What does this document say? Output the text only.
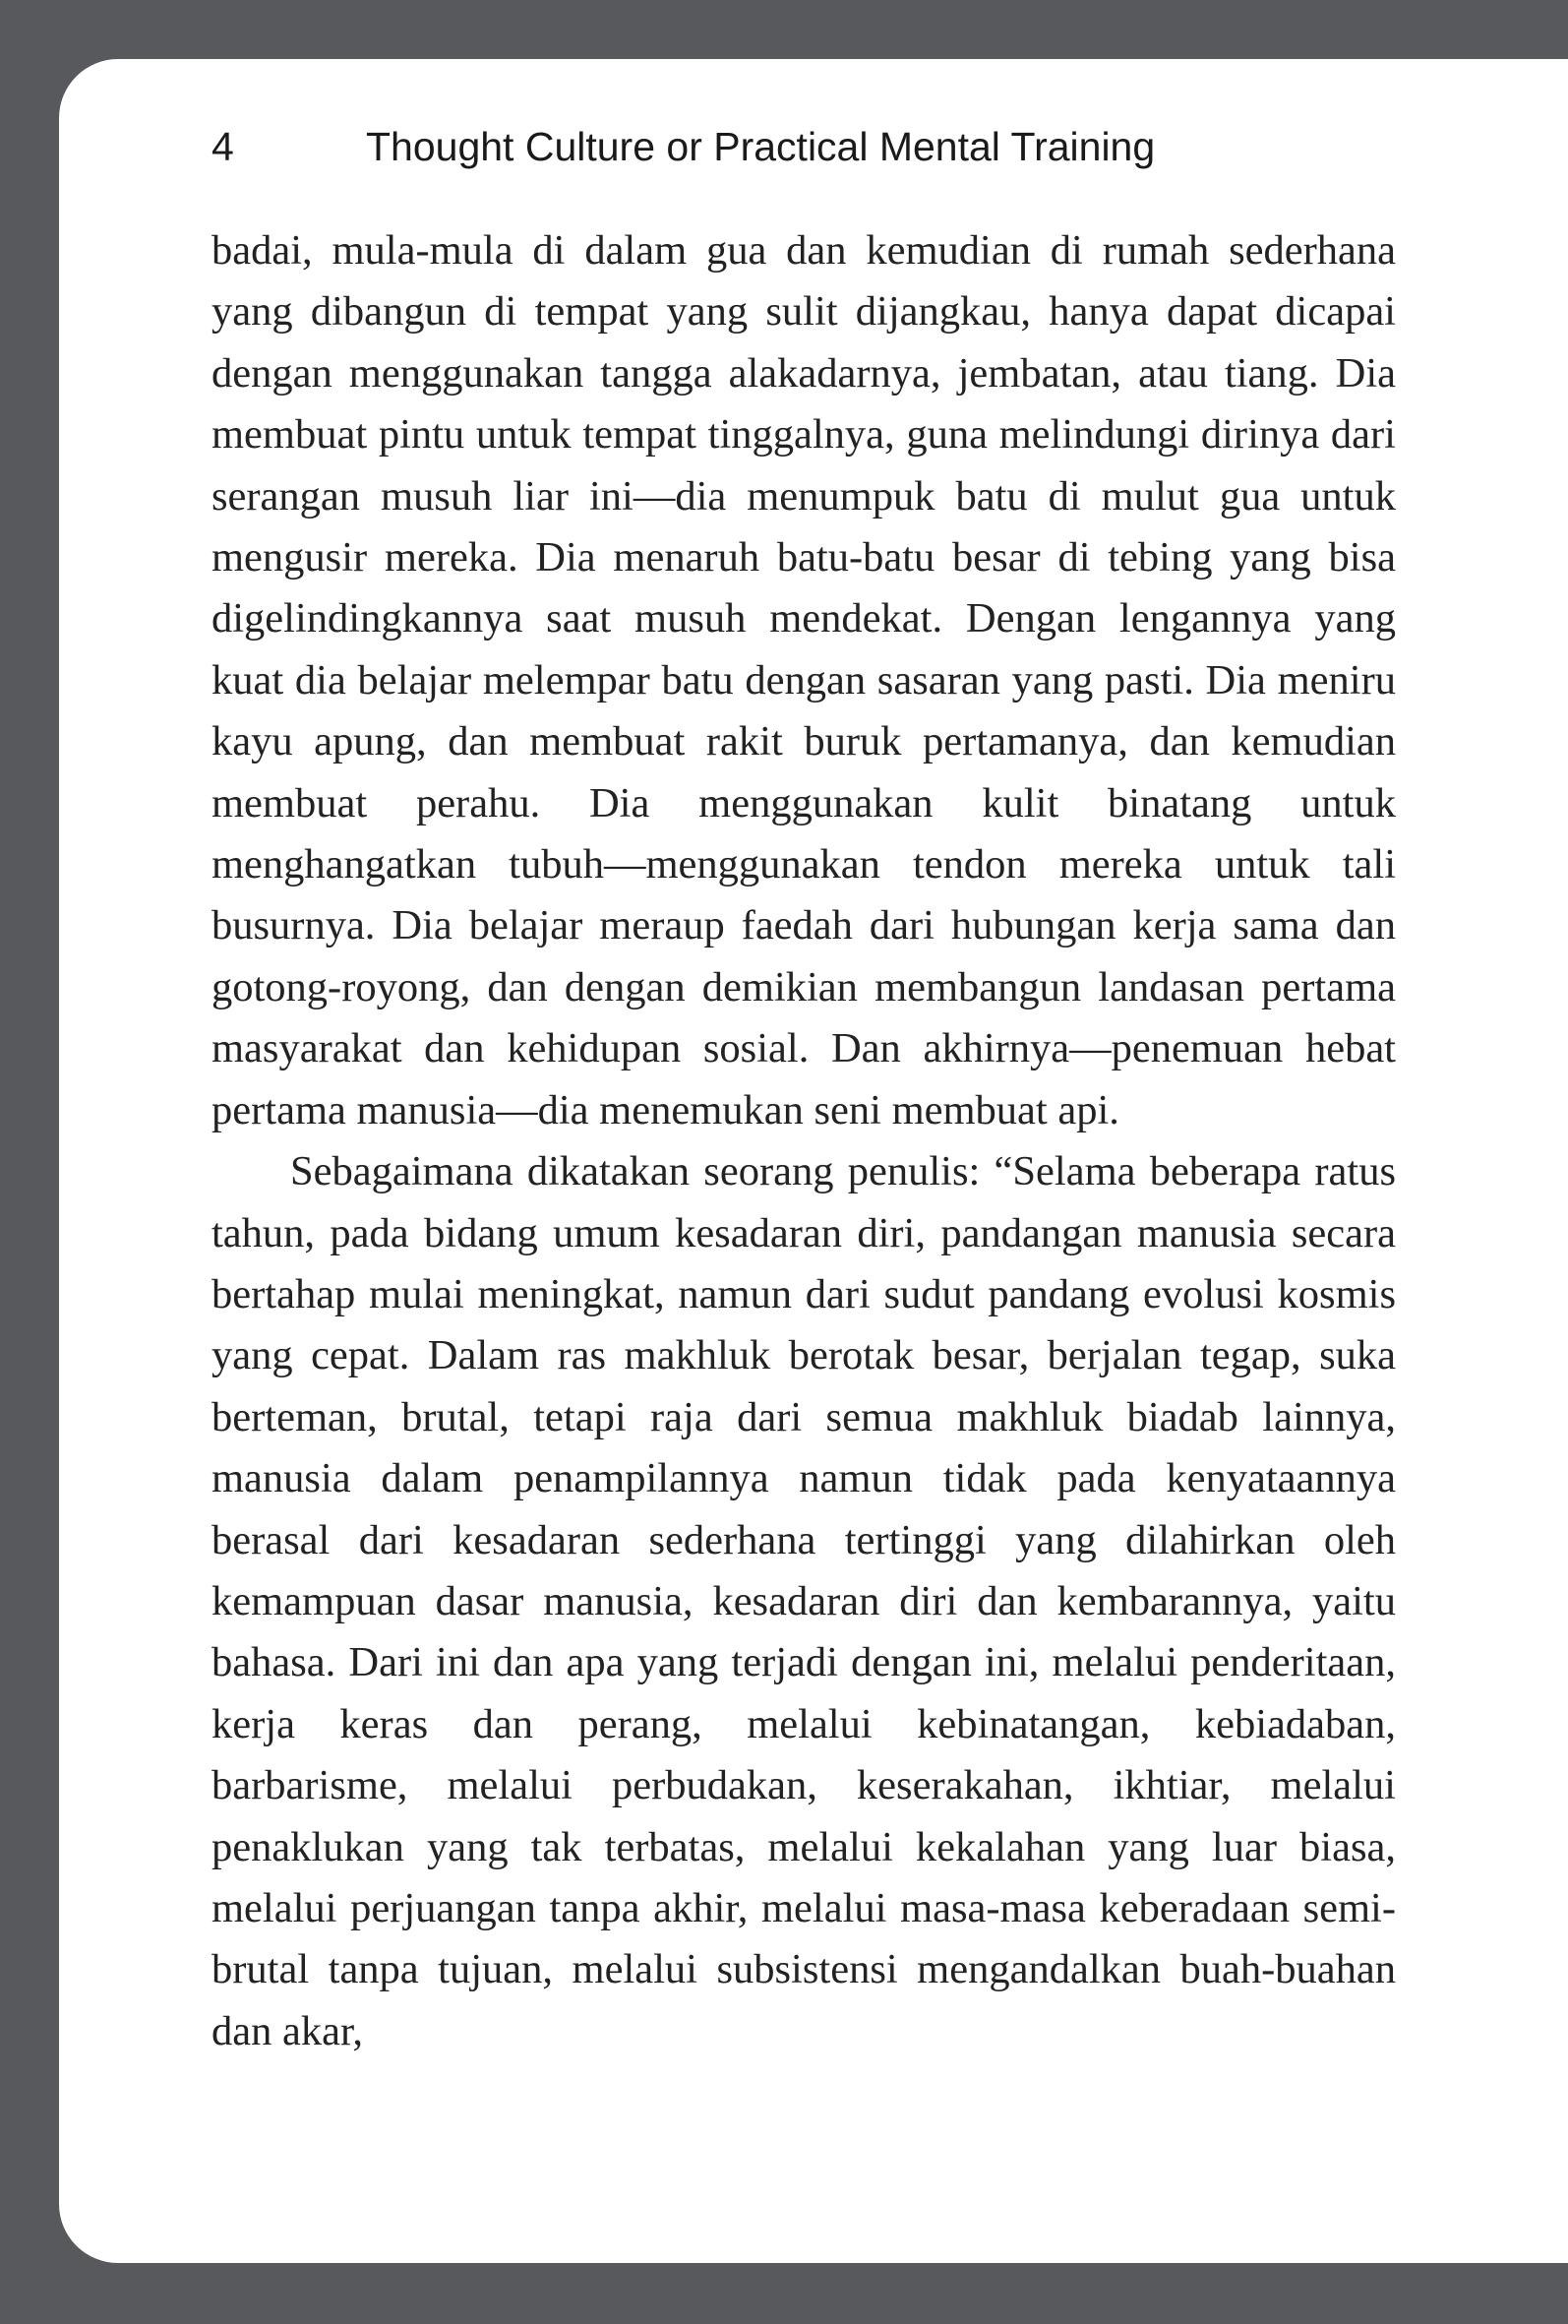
4	Thought Culture or Practical Mental Training

badai, mula-mula di dalam gua dan kemudian di rumah sederhana yang dibangun di tempat yang sulit dijangkau, hanya dapat dicapai dengan menggunakan tangga alakadarnya, jembatan, atau tiang. Dia membuat pintu untuk tempat tinggalnya, guna melindungi dirinya dari serangan musuh liar ini—dia menumpuk batu di mulut gua untuk mengusir mereka. Dia menaruh batu-batu besar di tebing yang bisa digelindingkannya saat musuh mendekat. Dengan lengannya yang kuat dia belajar melempar batu dengan sasaran yang pasti. Dia meniru kayu apung, dan membuat rakit buruk pertamanya, dan kemudian membuat perahu. Dia menggunakan kulit binatang untuk menghangatkan tubuh—menggunakan tendon mereka untuk tali busurnya. Dia belajar meraup faedah dari hubungan kerja sama dan gotong-royong, dan dengan demikian membangun landasan pertama masyarakat dan kehidupan sosial. Dan akhirnya—penemuan hebat pertama manusia—dia menemukan seni membuat api.

Sebagaimana dikatakan seorang penulis: “Selama beberapa ratus tahun, pada bidang umum kesadaran diri, pandangan manusia secara bertahap mulai meningkat, namun dari sudut pandang evolusi kosmis yang cepat. Dalam ras makhluk berotak besar, berjalan tegap, suka berteman, brutal, tetapi raja dari semua makhluk biadab lainnya, manusia dalam penampilannya namun tidak pada kenyataannya berasal dari kesadaran sederhana tertinggi yang dilahirkan oleh kemampuan dasar manusia, kesadaran diri dan kembarannya, yaitu bahasa. Dari ini dan apa yang terjadi dengan ini, melalui penderitaan, kerja keras dan perang, melalui kebinatangan, kebiadaban, barbarisme, melalui perbudakan, keserakahan, ikhtiar, melalui penaklukan yang tak terbatas, melalui kekalahan yang luar biasa, melalui perjuangan tanpa akhir, melalui masa-masa keberadaan semi-brutal tanpa tujuan, melalui subsistensi mengandalkan buah-buahan dan akar,
